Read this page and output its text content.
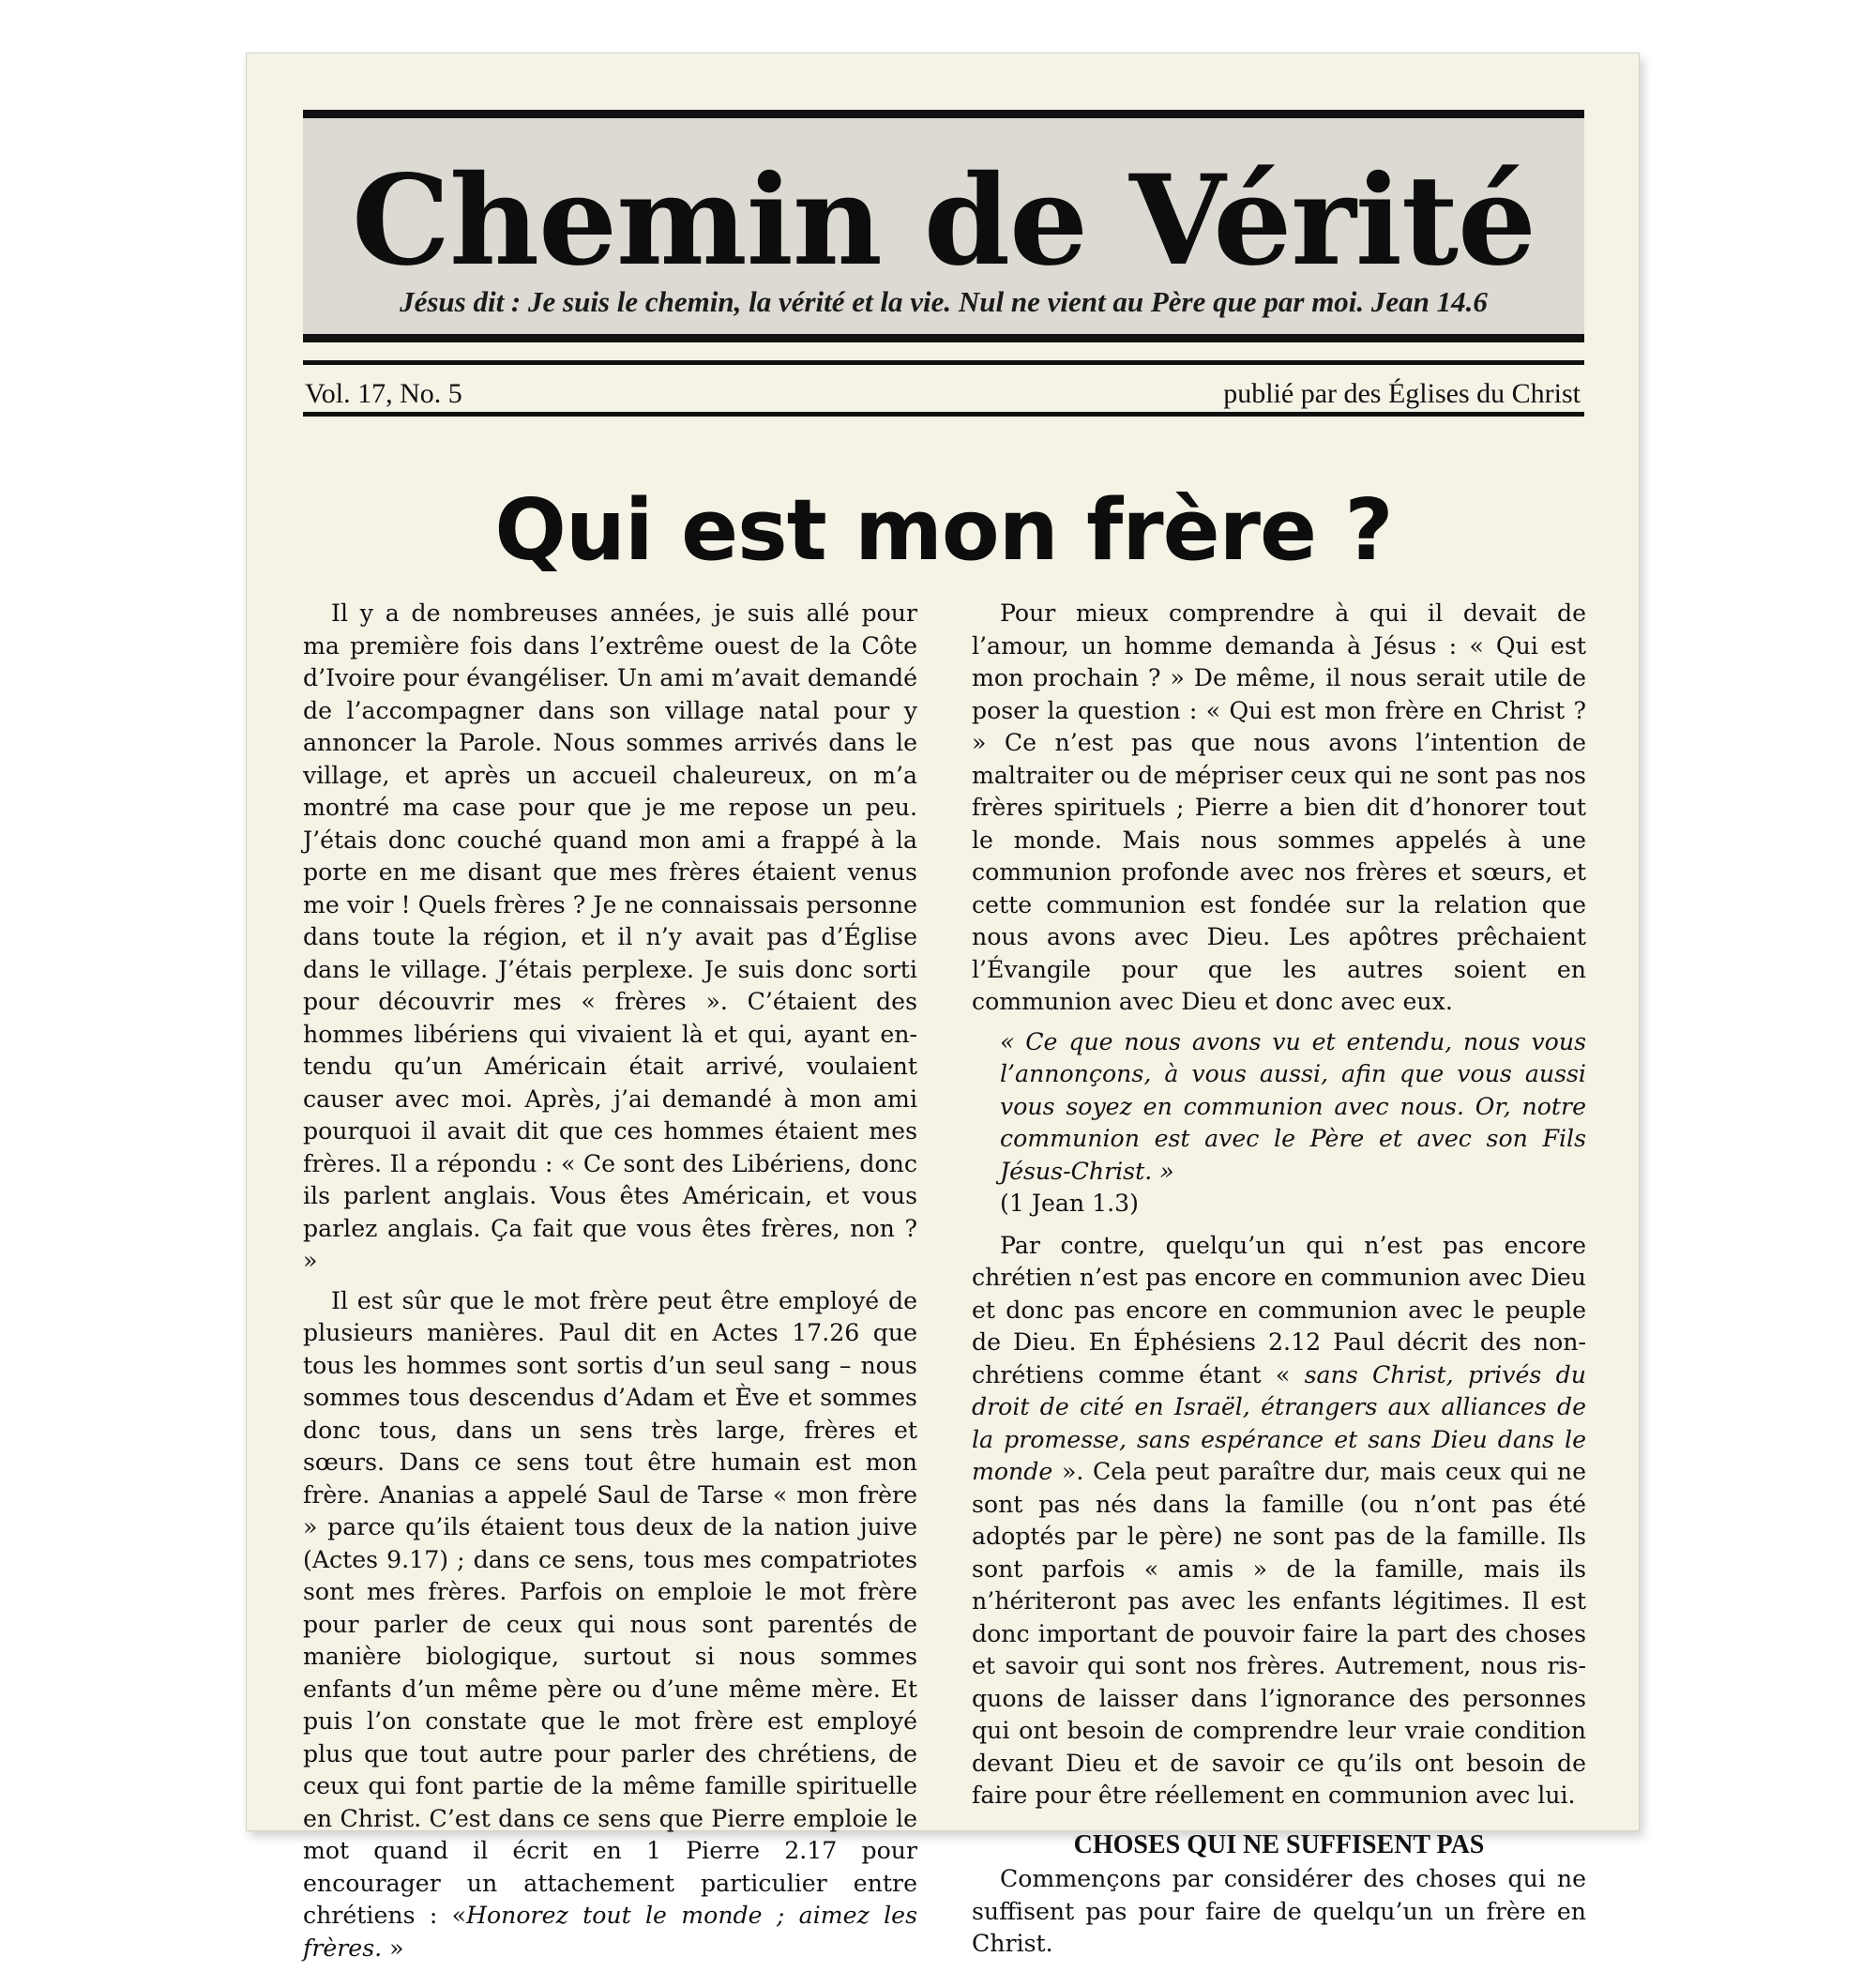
Chemin de Vérité
Jésus dit : Je suis le chemin, la vérité et la vie. Nul ne vient au Père que par moi. Jean 14.6
Vol. 17, No. 5	publié par des Églises du Christ
Qui est mon frère ?

Il y a de nombreuses années, je suis allé pour ma première fois dans l’extrême ouest de la Côte d’Ivoire pour évangéliser. Un ami m’avait demandé de l’accompagner dans son village natal pour y annoncer la Parole. Nous sommes arrivés dans le village, et après un accueil chaleureux, on m’a montré ma case pour que je me repose un peu. J’étais donc couché quand mon ami a frappé à la porte en me disant que mes frères étaient venus me voir ! Quels frères ? Je ne connaissais personne dans toute la région, et il n’y avait pas d’Église dans le village. J’étais perplexe. Je suis donc sorti pour découvrir mes « frères ». C’étaient des hommes libériens qui vivaient là et qui, ayant entendu qu’un Américain était arrivé, voulaient causer avec moi. Après, j’ai demandé à mon ami pourquoi il avait dit que ces hommes étaient mes frères. Il a répondu : « Ce sont des Libériens, donc ils parlent anglais. Vous êtes Américain, et vous parlez anglais. Ça fait que vous êtes frères, non ? »

Il est sûr que le mot frère peut être employé de plusieurs manières. Paul dit en Actes 17.26 que tous les hommes sont sortis d’un seul sang – nous sommes tous descendus d’Adam et Ève et sommes donc tous, dans un sens très large, frères et sœurs. Dans ce sens tout être humain est mon frère. Ananias a appelé Saul de Tarse « mon frère » parce qu’ils étaient tous deux de la nation juive (Actes 9.17) ; dans ce sens, tous mes compatriotes sont mes frères. Parfois on emploie le mot frère pour parler de ceux qui nous sont parentés de manière biologique, surtout si nous sommes enfants d’un même père ou d’une même mère. Et puis l’on constate que le mot frère est employé plus que tout autre pour parler des chrétiens, de ceux qui font partie de la même famille spirituelle en Christ. C’est dans ce sens que Pierre emploie le mot quand il écrit en 1 Pierre 2.17 pour encourager un attachement particulier entre chrétiens : «Honorez tout le monde ; aimez les frères. »

Pour mieux comprendre à qui il devait de l’amour, un homme demanda à Jésus : « Qui est mon prochain ? » De même, il nous serait utile de poser la question : « Qui est mon frère en Christ ? » Ce n’est pas que nous avons l’intention de maltraiter ou de mépriser ceux qui ne sont pas nos frères spirituels ; Pierre a bien dit d’honorer tout le monde. Mais nous sommes appelés à une communion profonde avec nos frères et sœurs, et cette communion est fondée sur la relation que nous avons avec Dieu. Les apôtres prêchaient l’Évangile pour que les autres soient en communion avec Dieu et donc avec eux.

« Ce que nous avons vu et entendu, nous vous l’annonçons, à vous aussi, afin que vous aussi vous soyez en communion avec nous. Or, notre communion est avec le Père et avec son Fils Jésus-Christ. »
(1 Jean 1.3)

Par contre, quelqu’un qui n’est pas encore chrétien n’est pas encore en communion avec Dieu et donc pas encore en communion avec le peuple de Dieu. En Éphésiens 2.12 Paul décrit des non-chrétiens comme étant « sans Christ, privés du droit de cité en Israël, étrangers aux alliances de la promesse, sans espérance et sans Dieu dans le monde ». Cela peut paraître dur, mais ceux qui ne sont pas nés dans la famille (ou n’ont pas été adoptés par le père) ne sont pas de la famille. Ils sont parfois « amis » de la famille, mais ils n’hériteront pas avec les enfants légitimes. Il est donc important de pouvoir faire la part des choses et savoir qui sont nos frères. Autrement, nous risquons de laisser dans l’ignorance des personnes qui ont besoin de comprendre leur vraie condition devant Dieu et de savoir ce qu’ils ont besoin de faire pour être réellement en communion avec lui.

CHOSES QUI NE SUFFISENT PAS

Commençons par considérer des choses qui ne suffisent pas pour faire de quelqu’un un frère en Christ.
